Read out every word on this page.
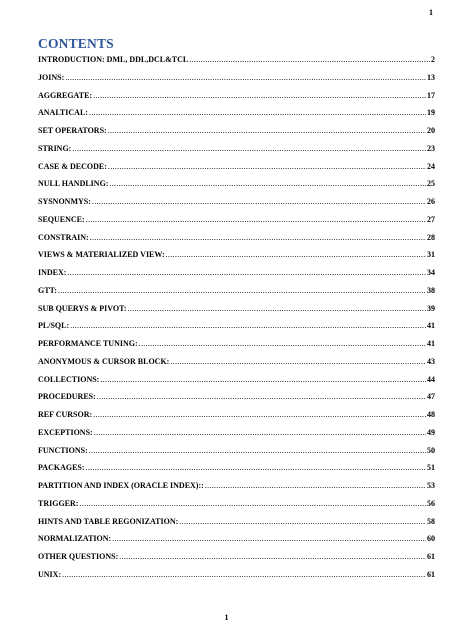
1
CONTENTS
INTRODUCTION: DML, DDL,DCL&TCL .....	2
JOINS: .....	13
AGGREGATE: .....	17
ANALTICAL: .....	19
SET OPERATORS: .....	20
STRING: .....	23
CASE & DECODE: .....	24
NULL HANDLING: .....	25
SYSNONMYS: .....	26
SEQUENCE: .....	27
CONSTRAIN: .....	28
VIEWS & MATERIALIZED VIEW: .....	31
INDEX: .....	34
GTT: .....	38
SUB QUERYS & PIVOT: .....	39
PL/SQL: .....	41
PERFORMANCE TUNING: .....	41
ANONYMOUS & CURSOR BLOCK: .....	43
COLLECTIONS: .....	44
PROCEDURES: .....	47
REF CURSOR: .....	48
EXCEPTIONS: .....	49
FUNCTIONS: .....	50
PACKAGES: .....	51
PARTITION AND INDEX (ORACLE INDEX):: .....	53
TRIGGER: .....	56
HINTS AND TABLE REGONIZATION: .....	58
NORMALIZATION: .....	60
OTHER QUESTIONS: .....	61
UNIX: .....	61
1
